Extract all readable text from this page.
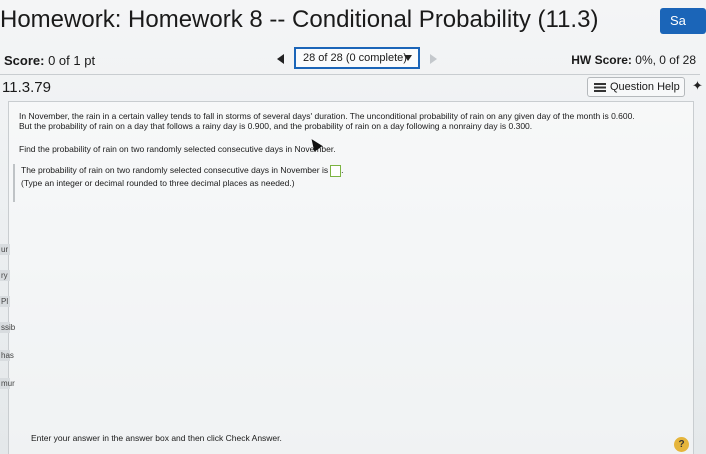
Homework: Homework 8 -- Conditional Probability (11.3)	Sa
Score: 0 of 1 pt	28 of 28 (0 complete)	HW Score: 0%, 0 of 28
11.3.79	Question Help ✦
In November, the rain in a certain valley tends to fall in storms of several days' duration. The unconditional probability of rain on any given day of the month is 0.600.
But the probability of rain on a day that follows a rainy day is 0.900, and the probability of rain on a day following a nonrainy day is 0.300.
Find the probability of rain on two randomly selected consecutive days in November.
The probability of rain on two randomly selected consecutive days in November is .
(Type an integer or decimal rounded to three decimal places as needed.)
Enter your answer in the answer box and then click Check Answer.
?
ur
ry
Pl
ssib
has
mur
